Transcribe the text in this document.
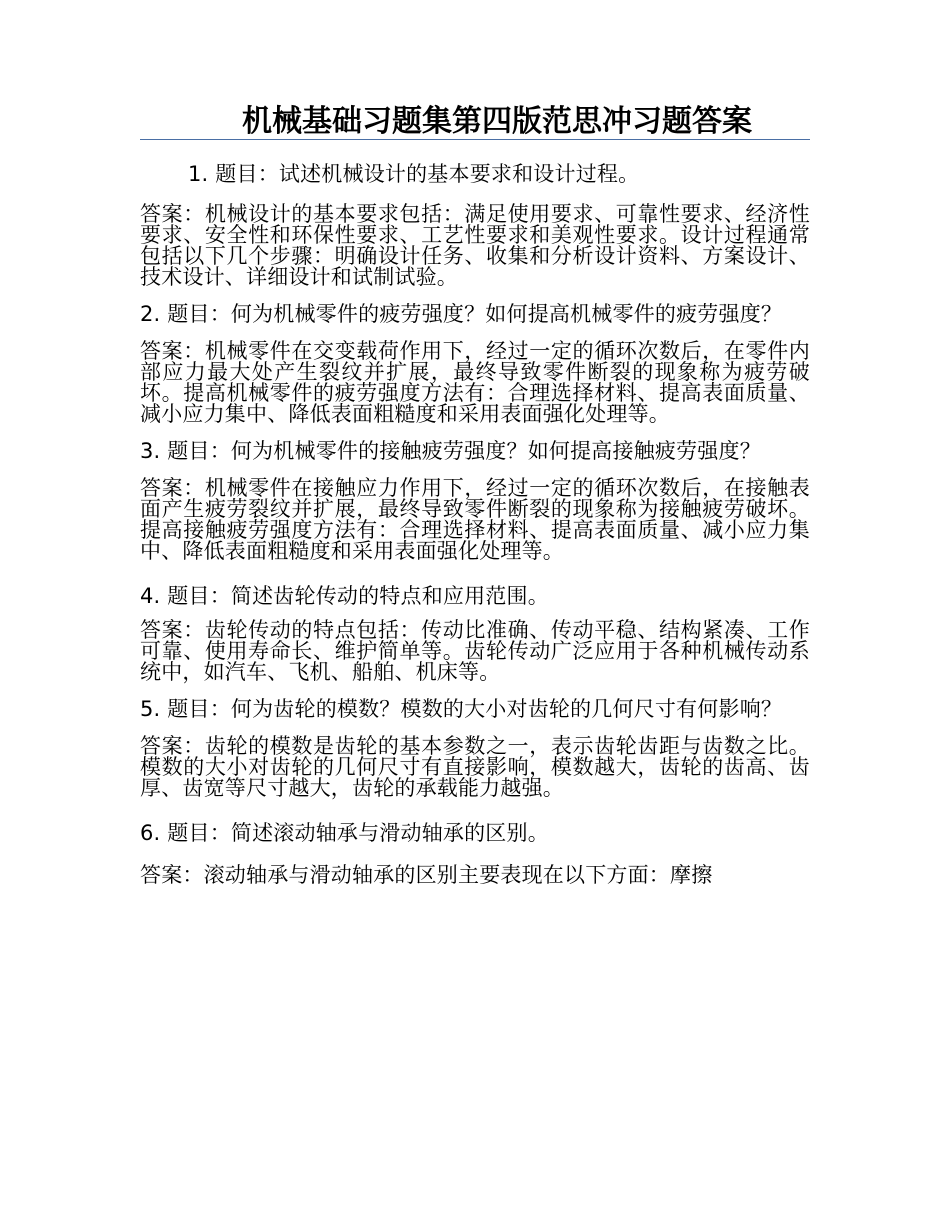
机械基础习题集第四版范思冲习题答案

1. 题目：试述机械设计的基本要求和设计过程。

答案：机械设计的基本要求包括：满足使用要求、可靠性要求、经济性要求、安全性和环保性要求、工艺性要求和美观性要求。设计过程通常包括以下几个步骤：明确设计任务、收集和分析设计资料、方案设计、技术设计、详细设计和试制试验。

2. 题目：何为机械零件的疲劳强度？如何提高机械零件的疲劳强度？

答案：机械零件在交变载荷作用下，经过一定的循环次数后，在零件内部应力最大处产生裂纹并扩展，最终导致零件断裂的现象称为疲劳破坏。提高机械零件的疲劳强度方法有：合理选择材料、提高表面质量、减小应力集中、降低表面粗糙度和采用表面强化处理等。

3. 题目：何为机械零件的接触疲劳强度？如何提高接触疲劳强度？

答案：机械零件在接触应力作用下，经过一定的循环次数后，在接触表面产生疲劳裂纹并扩展，最终导致零件断裂的现象称为接触疲劳破坏。提高接触疲劳强度方法有：合理选择材料、提高表面质量、减小应力集中、降低表面粗糙度和采用表面强化处理等。

4. 题目：简述齿轮传动的特点和应用范围。

答案：齿轮传动的特点包括：传动比准确、传动平稳、结构紧凑、工作可靠、使用寿命长、维护简单等。齿轮传动广泛应用于各种机械传动系统中，如汽车、飞机、船舶、机床等。

5. 题目：何为齿轮的模数？模数的大小对齿轮的几何尺寸有何影响？

答案：齿轮的模数是齿轮的基本参数之一，表示齿轮齿距与齿数之比。模数的大小对齿轮的几何尺寸有直接影响，模数越大，齿轮的齿高、齿厚、齿宽等尺寸越大，齿轮的承载能力越强。

6. 题目：简述滚动轴承与滑动轴承的区别。

答案：滚动轴承与滑动轴承的区别主要表现在以下方面：摩擦
